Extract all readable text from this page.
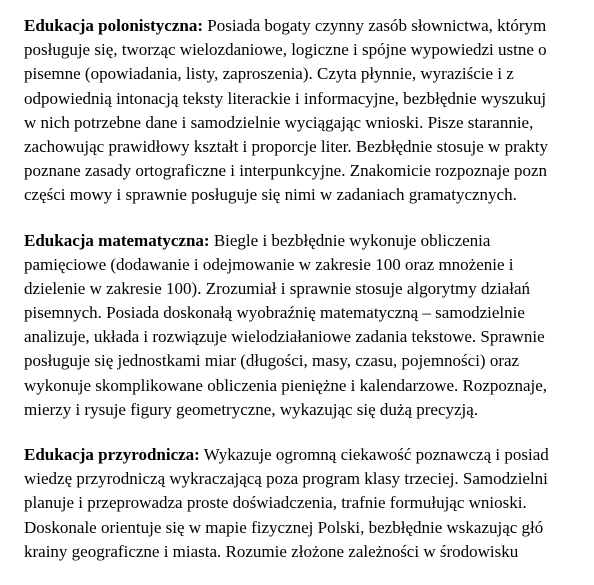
Edukacja polonistyczna: Posiada bogaty czynny zasób słownictwa, którym
posługuje się, tworząc wielozdaniowe, logiczne i spójne wypowiedzi ustne o
pisemne (opowiadania, listy, zaproszenia). Czyta płynnie, wyraziście i z
odpowiednią intonacją teksty literackie i informacyjne, bezbłędnie wyszukuj
w nich potrzebne dane i samodzielnie wyciągając wnioski. Pisze starannie,
zachowując prawidłowy kształt i proporcje liter. Bezbłędnie stosuje w prakty
poznane zasady ortograficzne i interpunkcyjne. Znakomicie rozpoznaje pozn
części mowy i sprawnie posługuje się nimi w zadaniach gramatycznych.
Edukacja matematyczna: Biegle i bezbłędnie wykonuje obliczenia
pamięciowe (dodawanie i odejmowanie w zakresie 100 oraz mnożenie i
dzielenie w zakresie 100). Zrozumiał i sprawnie stosuje algorytmy działań
pisemnych. Posiada doskonałą wyobraźnię matematyczną – samodzielnie
analizuje, układa i rozwiązuje wielodziałaniowe zadania tekstowe. Sprawnie
posługuje się jednostkami miar (długości, masy, czasu, pojemności) oraz
wykonuje skomplikowane obliczenia pieniężne i kalendarzowe. Rozpoznaje,
mierzy i rysuje figury geometryczne, wykazując się dużą precyzją.
Edukacja przyrodnicza: Wykazuje ogromną ciekawość poznawczą i posiad
wiedzę przyrodniczą wykraczającą poza program klasy trzeciej. Samodzielni
planuje i przeprowadza proste doświadczenia, trafnie formułując wnioski.
Doskonale orientuje się w mapie fizycznej Polski, bezbłędnie wskazując głó
krainy geograficzne i miasta. Rozumie złożone zależności w środowisku
